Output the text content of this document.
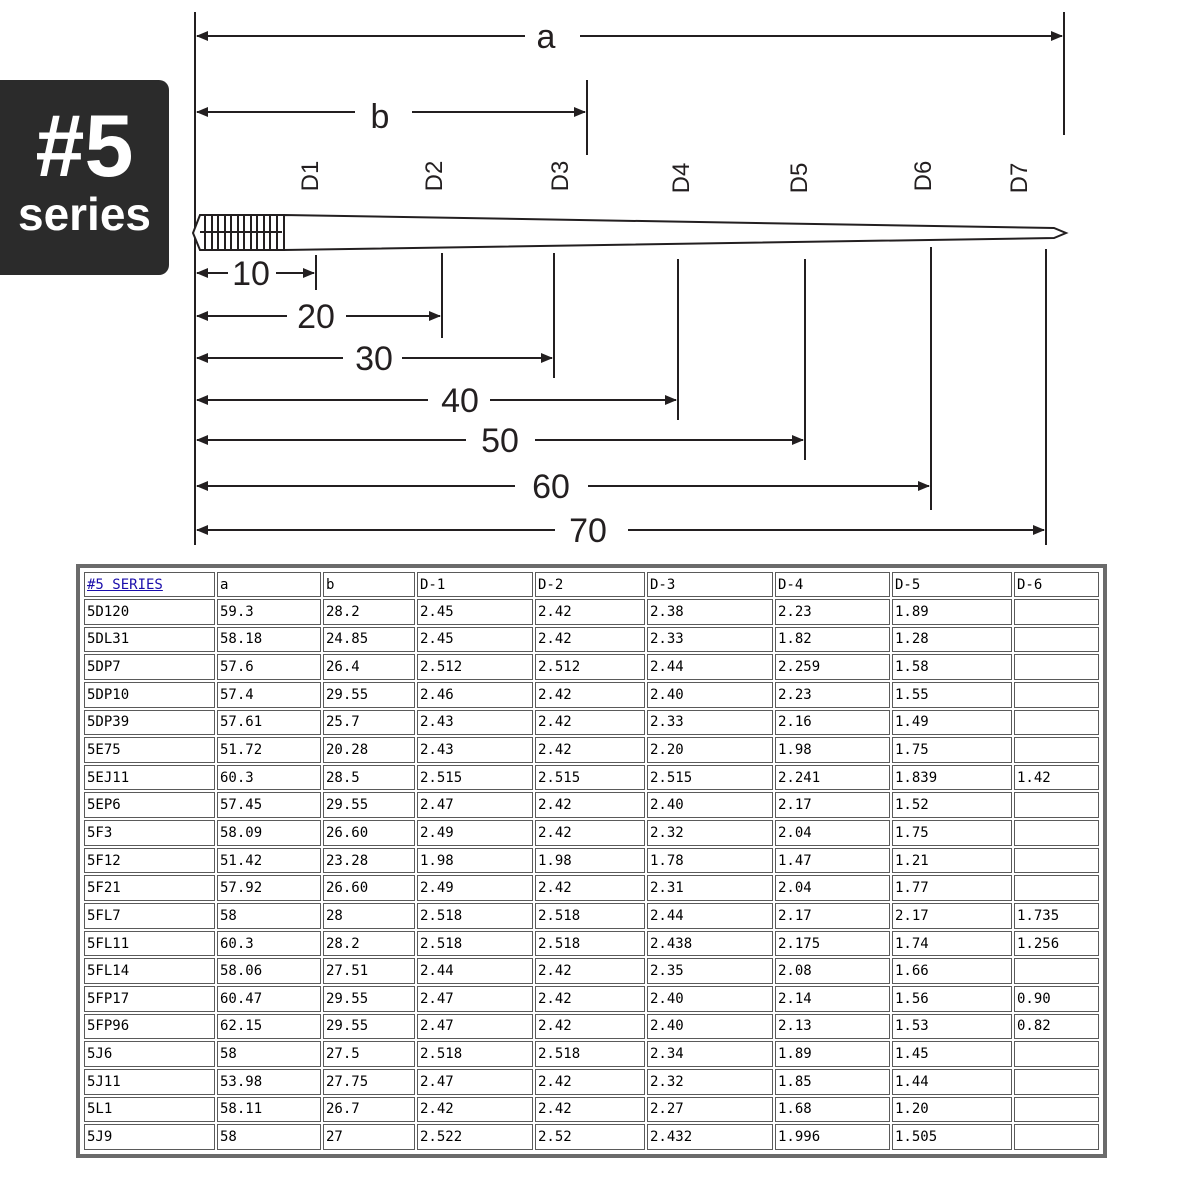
#5
series
a
b
D1	D2	D3	D4	D5	D6	D7
10
20
30
40
50
60
70
#5 SERIES	a	b	D-1	D-2	D-3	D-4	D-5	D-6
5D120	59.3	28.2	2.45	2.42	2.38	2.23	1.89	
5DL31	58.18	24.85	2.45	2.42	2.33	1.82	1.28	
5DP7	57.6	26.4	2.512	2.512	2.44	2.259	1.58	
5DP10	57.4	29.55	2.46	2.42	2.40	2.23	1.55	
5DP39	57.61	25.7	2.43	2.42	2.33	2.16	1.49	
5E75	51.72	20.28	2.43	2.42	2.20	1.98	1.75	
5EJ11	60.3	28.5	2.515	2.515	2.515	2.241	1.839	1.42
5EP6	57.45	29.55	2.47	2.42	2.40	2.17	1.52	
5F3	58.09	26.60	2.49	2.42	2.32	2.04	1.75	
5F12	51.42	23.28	1.98	1.98	1.78	1.47	1.21	
5F21	57.92	26.60	2.49	2.42	2.31	2.04	1.77	
5FL7	58	28	2.518	2.518	2.44	2.17	2.17	1.735
5FL11	60.3	28.2	2.518	2.518	2.438	2.175	1.74	1.256
5FL14	58.06	27.51	2.44	2.42	2.35	2.08	1.66	
5FP17	60.47	29.55	2.47	2.42	2.40	2.14	1.56	0.90
5FP96	62.15	29.55	2.47	2.42	2.40	2.13	1.53	0.82
5J6	58	27.5	2.518	2.518	2.34	1.89	1.45	
5J11	53.98	27.75	2.47	2.42	2.32	1.85	1.44	
5L1	58.11	26.7	2.42	2.42	2.27	1.68	1.20	
5J9	58	27	2.522	2.52	2.432	1.996	1.505	
